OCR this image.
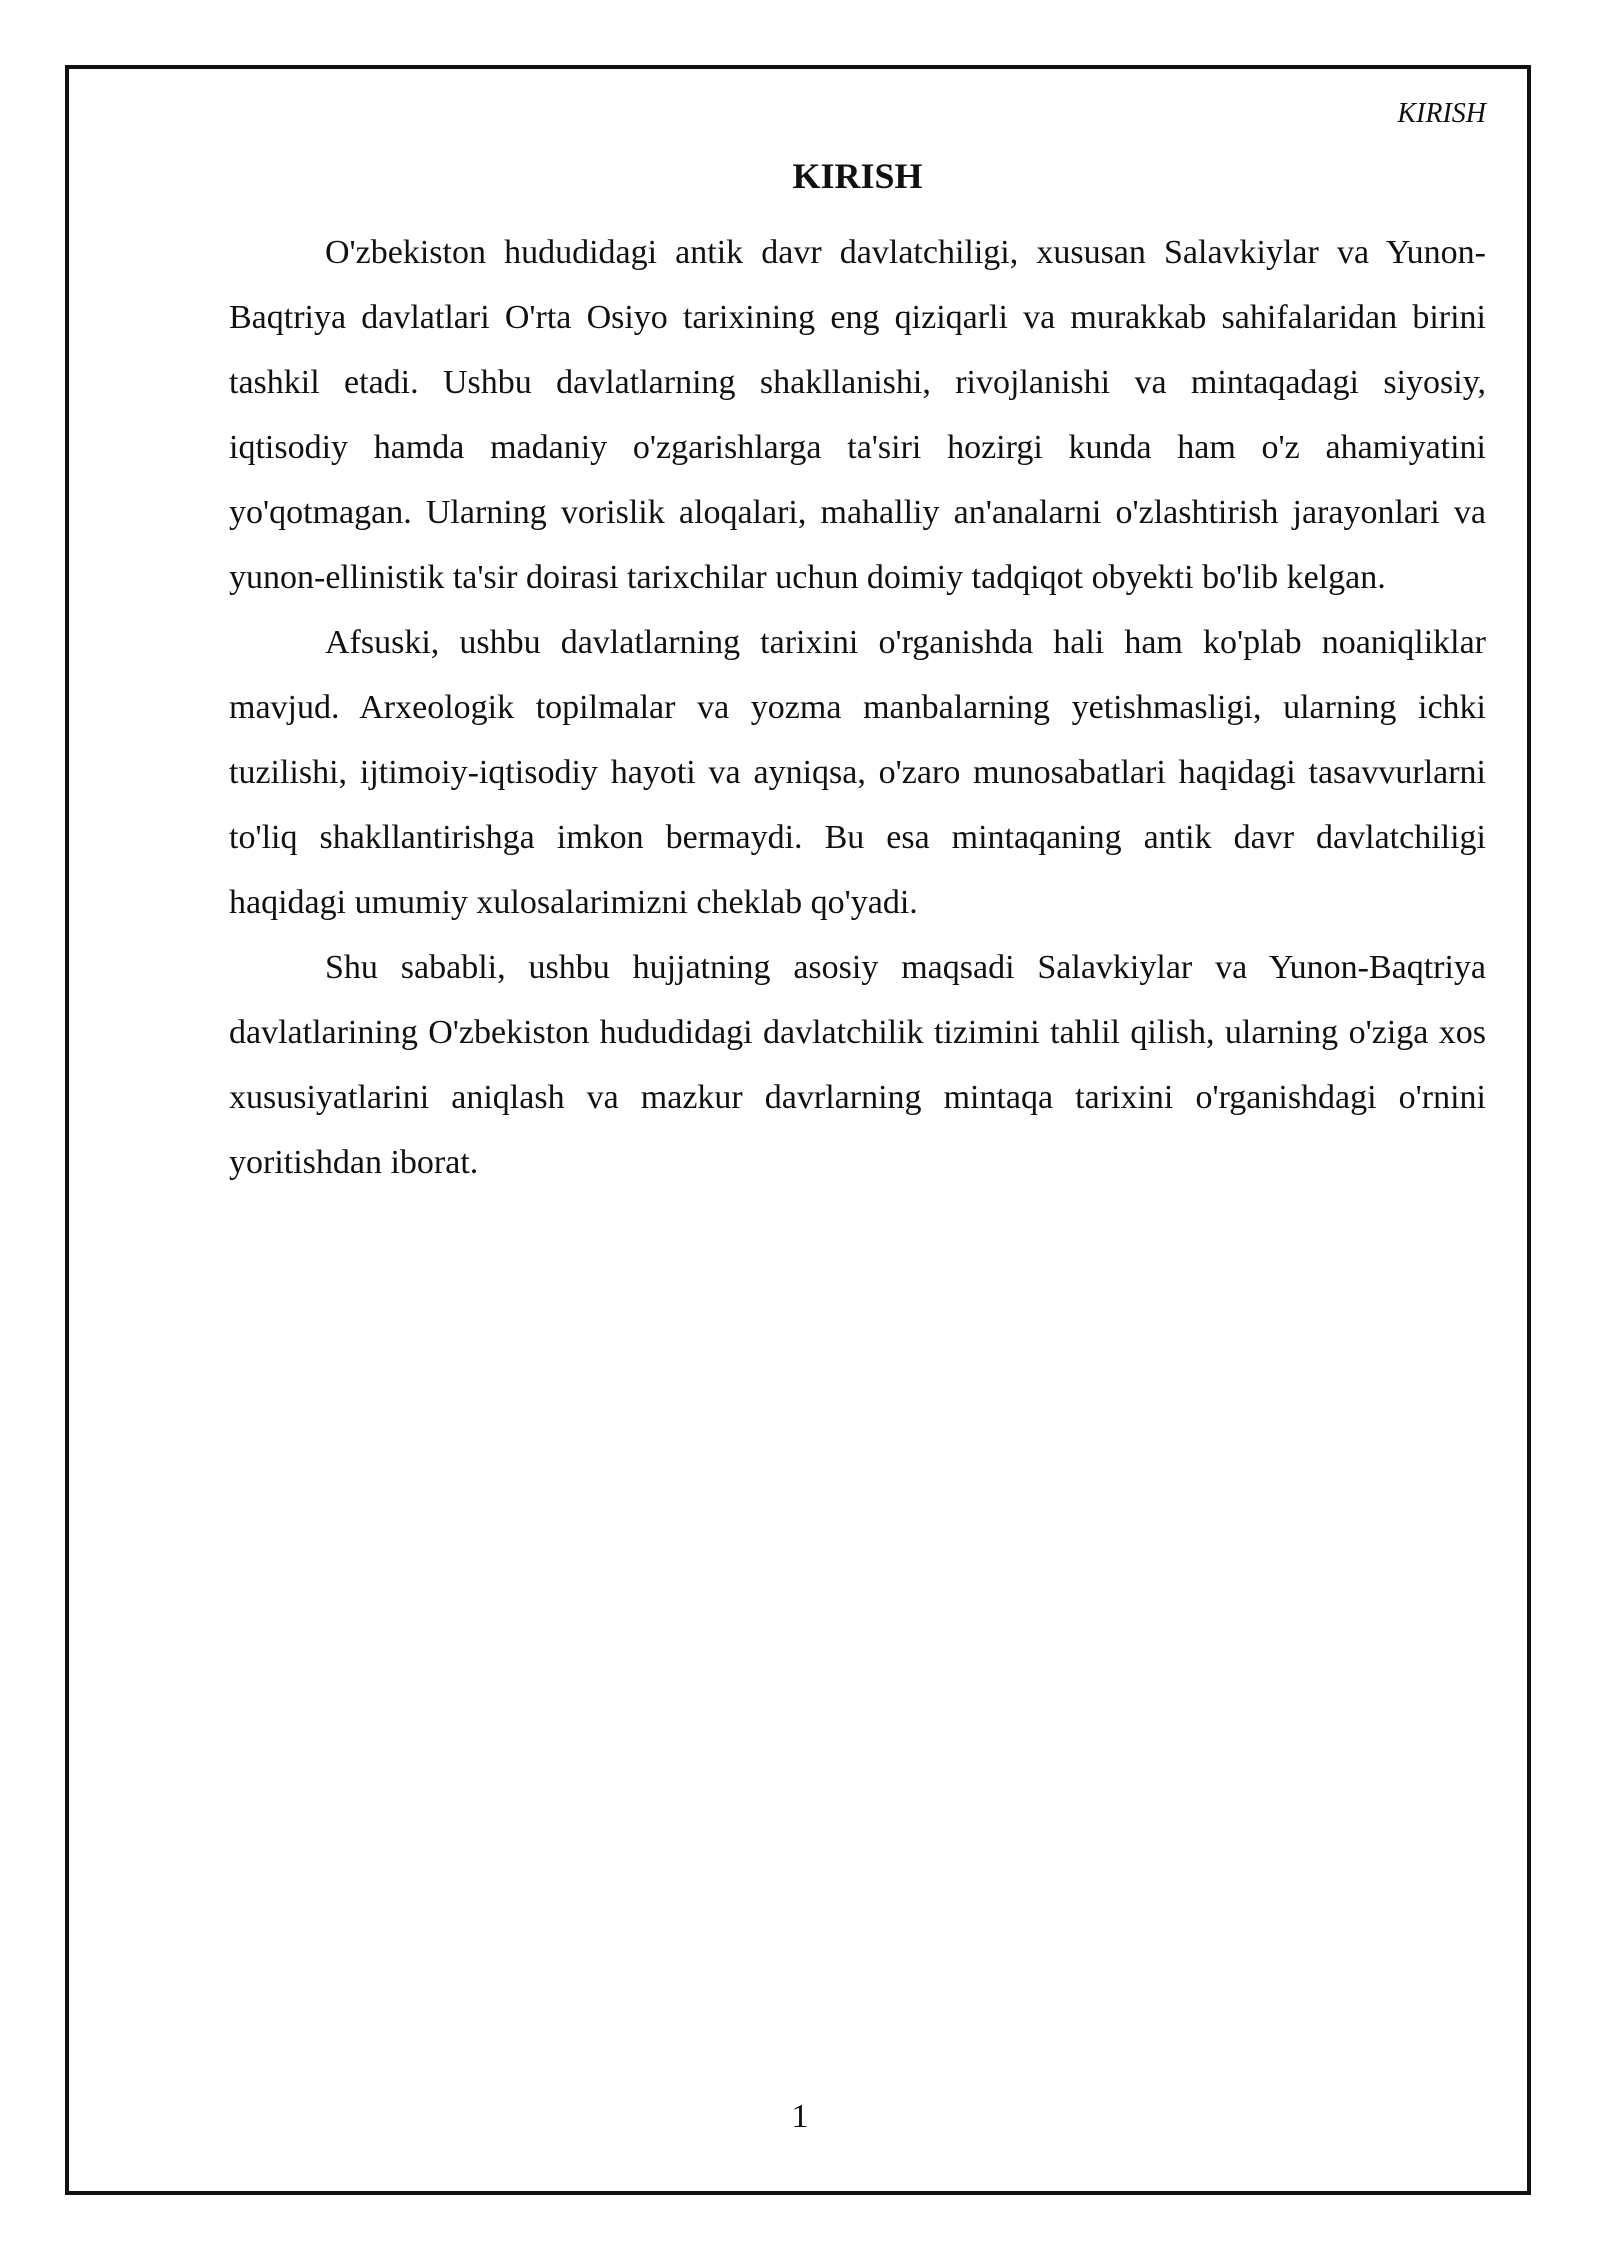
KIRISH
KIRISH

O'zbekiston hududidagi antik davr davlatchiligi, xususan Salavkiylar va Yunon-Baqtriya davlatlari O'rta Osiyo tarixining eng qiziqarli va murakkab sahifalaridan birini tashkil etadi. Ushbu davlatlarning shakllanishi, rivojlanishi va mintaqadagi siyosiy, iqtisodiy hamda madaniy o'zgarishlarga ta'siri hozirgi kunda ham o'z ahamiyatini yo'qotmagan. Ularning vorislik aloqalari, mahalliy an'analarni o'zlashtirish jarayonlari va yunon-ellinistik ta'sir doirasi tarixchilar uchun doimiy tadqiqot obyekti bo'lib kelgan.

Afsuski, ushbu davlatlarning tarixini o'rganishda hali ham ko'plab noaniqliklar mavjud. Arxeologik topilmalar va yozma manbalarning yetishmasligi, ularning ichki tuzilishi, ijtimoiy-iqtisodiy hayoti va ayniqsa, o'zaro munosabatlari haqidagi tasavvurlarni to'liq shakllantirishga imkon bermaydi. Bu esa mintaqaning antik davr davlatchiligi haqidagi umumiy xulosalarimizni cheklab qo'yadi.

Shu sababli, ushbu hujjatning asosiy maqsadi Salavkiylar va Yunon-Baqtriya davlatlarining O'zbekiston hududidagi davlatchilik tizimini tahlil qilish, ularning o'ziga xos xususiyatlarini aniqlash va mazkur davrlarning mintaqa tarixini o'rganishdagi o'rnini yoritishdan iborat.

1
